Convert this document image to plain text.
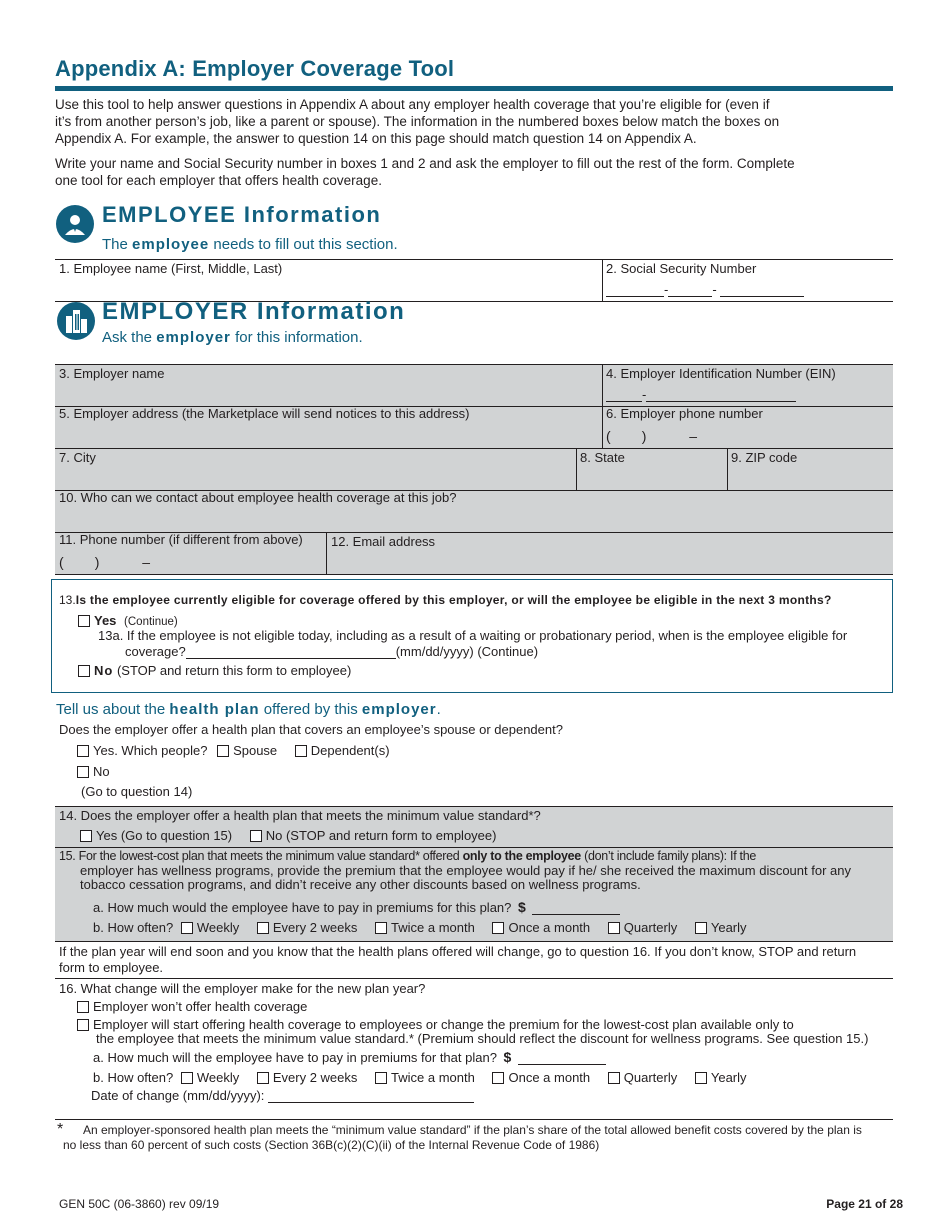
Appendix A: Employer Coverage Tool
Use this tool to help answer questions in Appendix A about any employer health coverage that you’re eligible for (even if
it’s from another person’s job, like a parent or spouse). The information in the numbered boxes below match the boxes on
Appendix A. For example, the answer to question 14 on this page should match question 14 on Appendix A.
Write your name and Social Security number in boxes 1 and 2 and ask the employer to fill out the rest of the form. Complete
one tool for each employer that offers health coverage.
EMPLOYEE Information
The employee needs to fill out this section.
1. Employee name (First, Middle, Last)	2. Social Security Number
-	-
EMPLOYER Information
Ask the employer for this information.
3. Employer name	4. Employer Identification Number (EIN)
-
5. Employer address (the Marketplace will send notices to this address)	6. Employer phone number
(        )           –
7. City	8. State	9. ZIP code
10. Who can we contact about employee health coverage at this job?
11. Phone number (if different from above)
(        )           –
12. Email address
13.Is the employee currently eligible for coverage offered by this employer, or will the employee be eligible in the next 3 months?
Yes (Continue)
13a. If the employee is not eligible today, including as a result of a waiting or probationary period, when is the employee eligible for
coverage?	(mm/dd/yyyy) (Continue)
No (STOP and return this form to employee)
Tell us about the health plan offered by this employer.
Does the employer offer a health plan that covers an employee’s spouse or dependent?
Yes. Which people? Spouse	Dependent(s)
No
(Go to question 14)
14. Does the employer offer a health plan that meets the minimum value standard*?
Yes (Go to question 15)	No (STOP and return form to employee)
15. For the lowest-cost plan that meets the minimum value standard* offered only to the employee (don’t include family plans): If the
employer has wellness programs, provide the premium that the employee would pay if he/ she received the maximum discount for any
tobacco cessation programs, and didn’t receive any other discounts based on wellness programs.
a. How much would the employee have to pay in premiums for this plan? $
b. How often? Weekly	Every 2 weeks	Twice a month	Once a month	Quarterly	Yearly
If the plan year will end soon and you know that the health plans offered will change, go to question 16. If you don’t know, STOP and return
form to employee.
16. What change will the employer make for the new plan year?
Employer won’t offer health coverage
Employer will start offering health coverage to employees or change the premium for the lowest-cost plan available only to
the employee that meets the minimum value standard.* (Premium should reflect the discount for wellness programs. See question 15.)
a. How much will the employee have to pay in premiums for that plan? $
b. How often? Weekly	Every 2 weeks	Twice a month	Once a month	Quarterly	Yearly
Date of change (mm/dd/yyyy):
*	An employer-sponsored health plan meets the “minimum value standard” if the plan’s share of the total allowed benefit costs covered by the plan is
no less than 60 percent of such costs (Section 36B(c)(2)(C)(ii) of the Internal Revenue Code of 1986)
GEN 50C (06-3860) rev 09/19	Page 21 of 28
